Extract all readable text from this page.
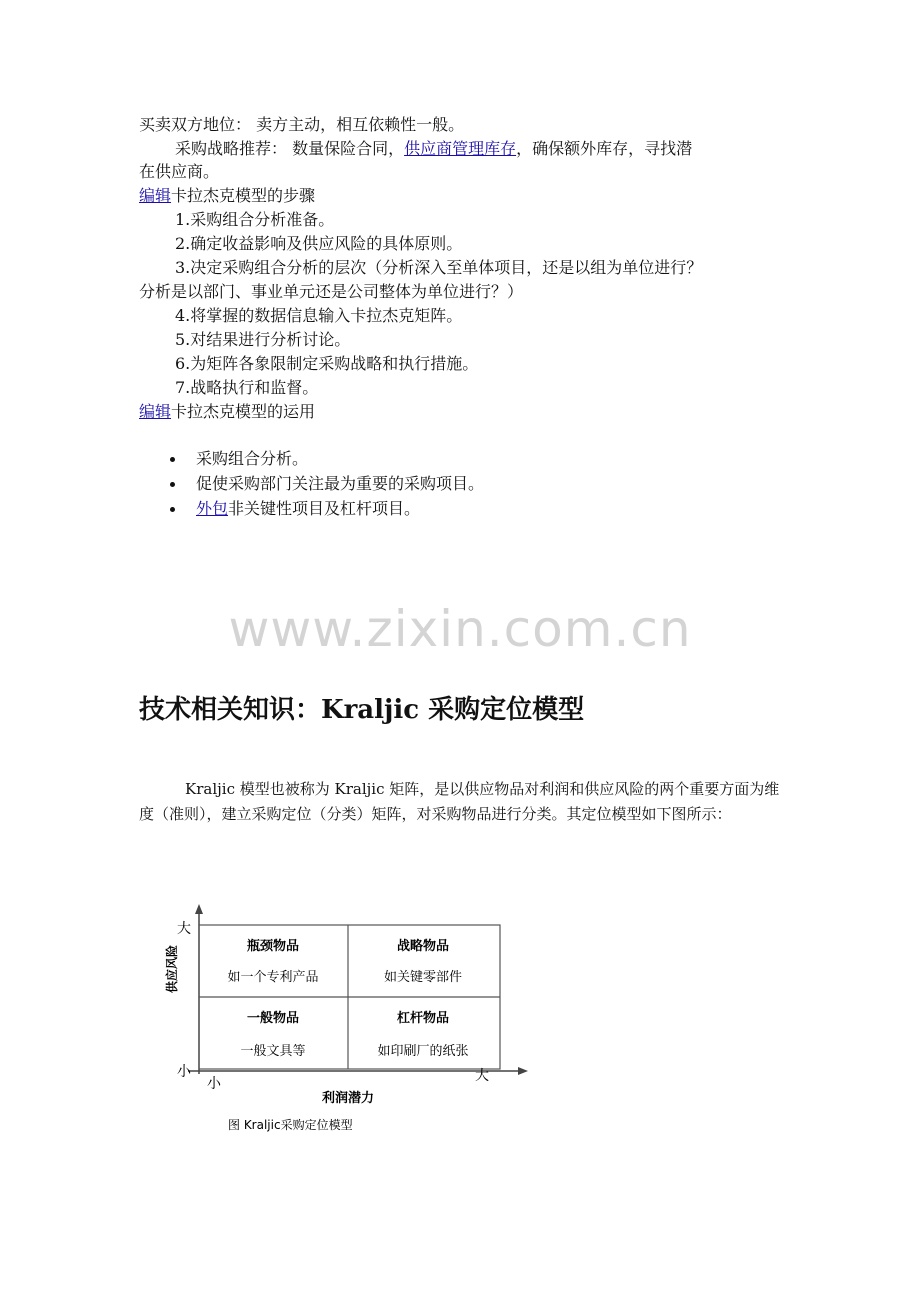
买卖双方地位： 卖方主动，相互依赖性一般。
采购战略推荐： 数量保险合同，供应商管理库存，确保额外库存，寻找潜
在供应商。
编辑卡拉杰克模型的步骤
1.采购组合分析准备。
2.确定收益影响及供应风险的具体原则。
3.决定采购组合分析的层次（分析深入至单体项目，还是以组为单位进行？
分析是以部门、事业单元还是公司整体为单位进行？）
4.将掌握的数据信息输入卡拉杰克矩阵。
5.对结果进行分析讨论。
6.为矩阵各象限制定采购战略和执行措施。
7.战略执行和监督。
编辑卡拉杰克模型的运用
采购组合分析。
促使采购部门关注最为重要的采购项目。
外包非关键性项目及杠杆项目。
www.zixin.com.cn
技术相关知识：Kraljic 采购定位模型
Kraljic 模型也被称为 Kraljic 矩阵，是以供应物品对利润和供应风险的两个重要方面为维度（准则），建立采购定位（分类）矩阵，对采购物品进行分类。其定位模型如下图所示：
大
小
供应风险
小	大
利润潜力
瓶颈物品
如一个专利产品
战略物品
如关键零部件
一般物品
一般文具等
杠杆物品
如印刷厂的纸张
图 Kraljic采购定位模型
